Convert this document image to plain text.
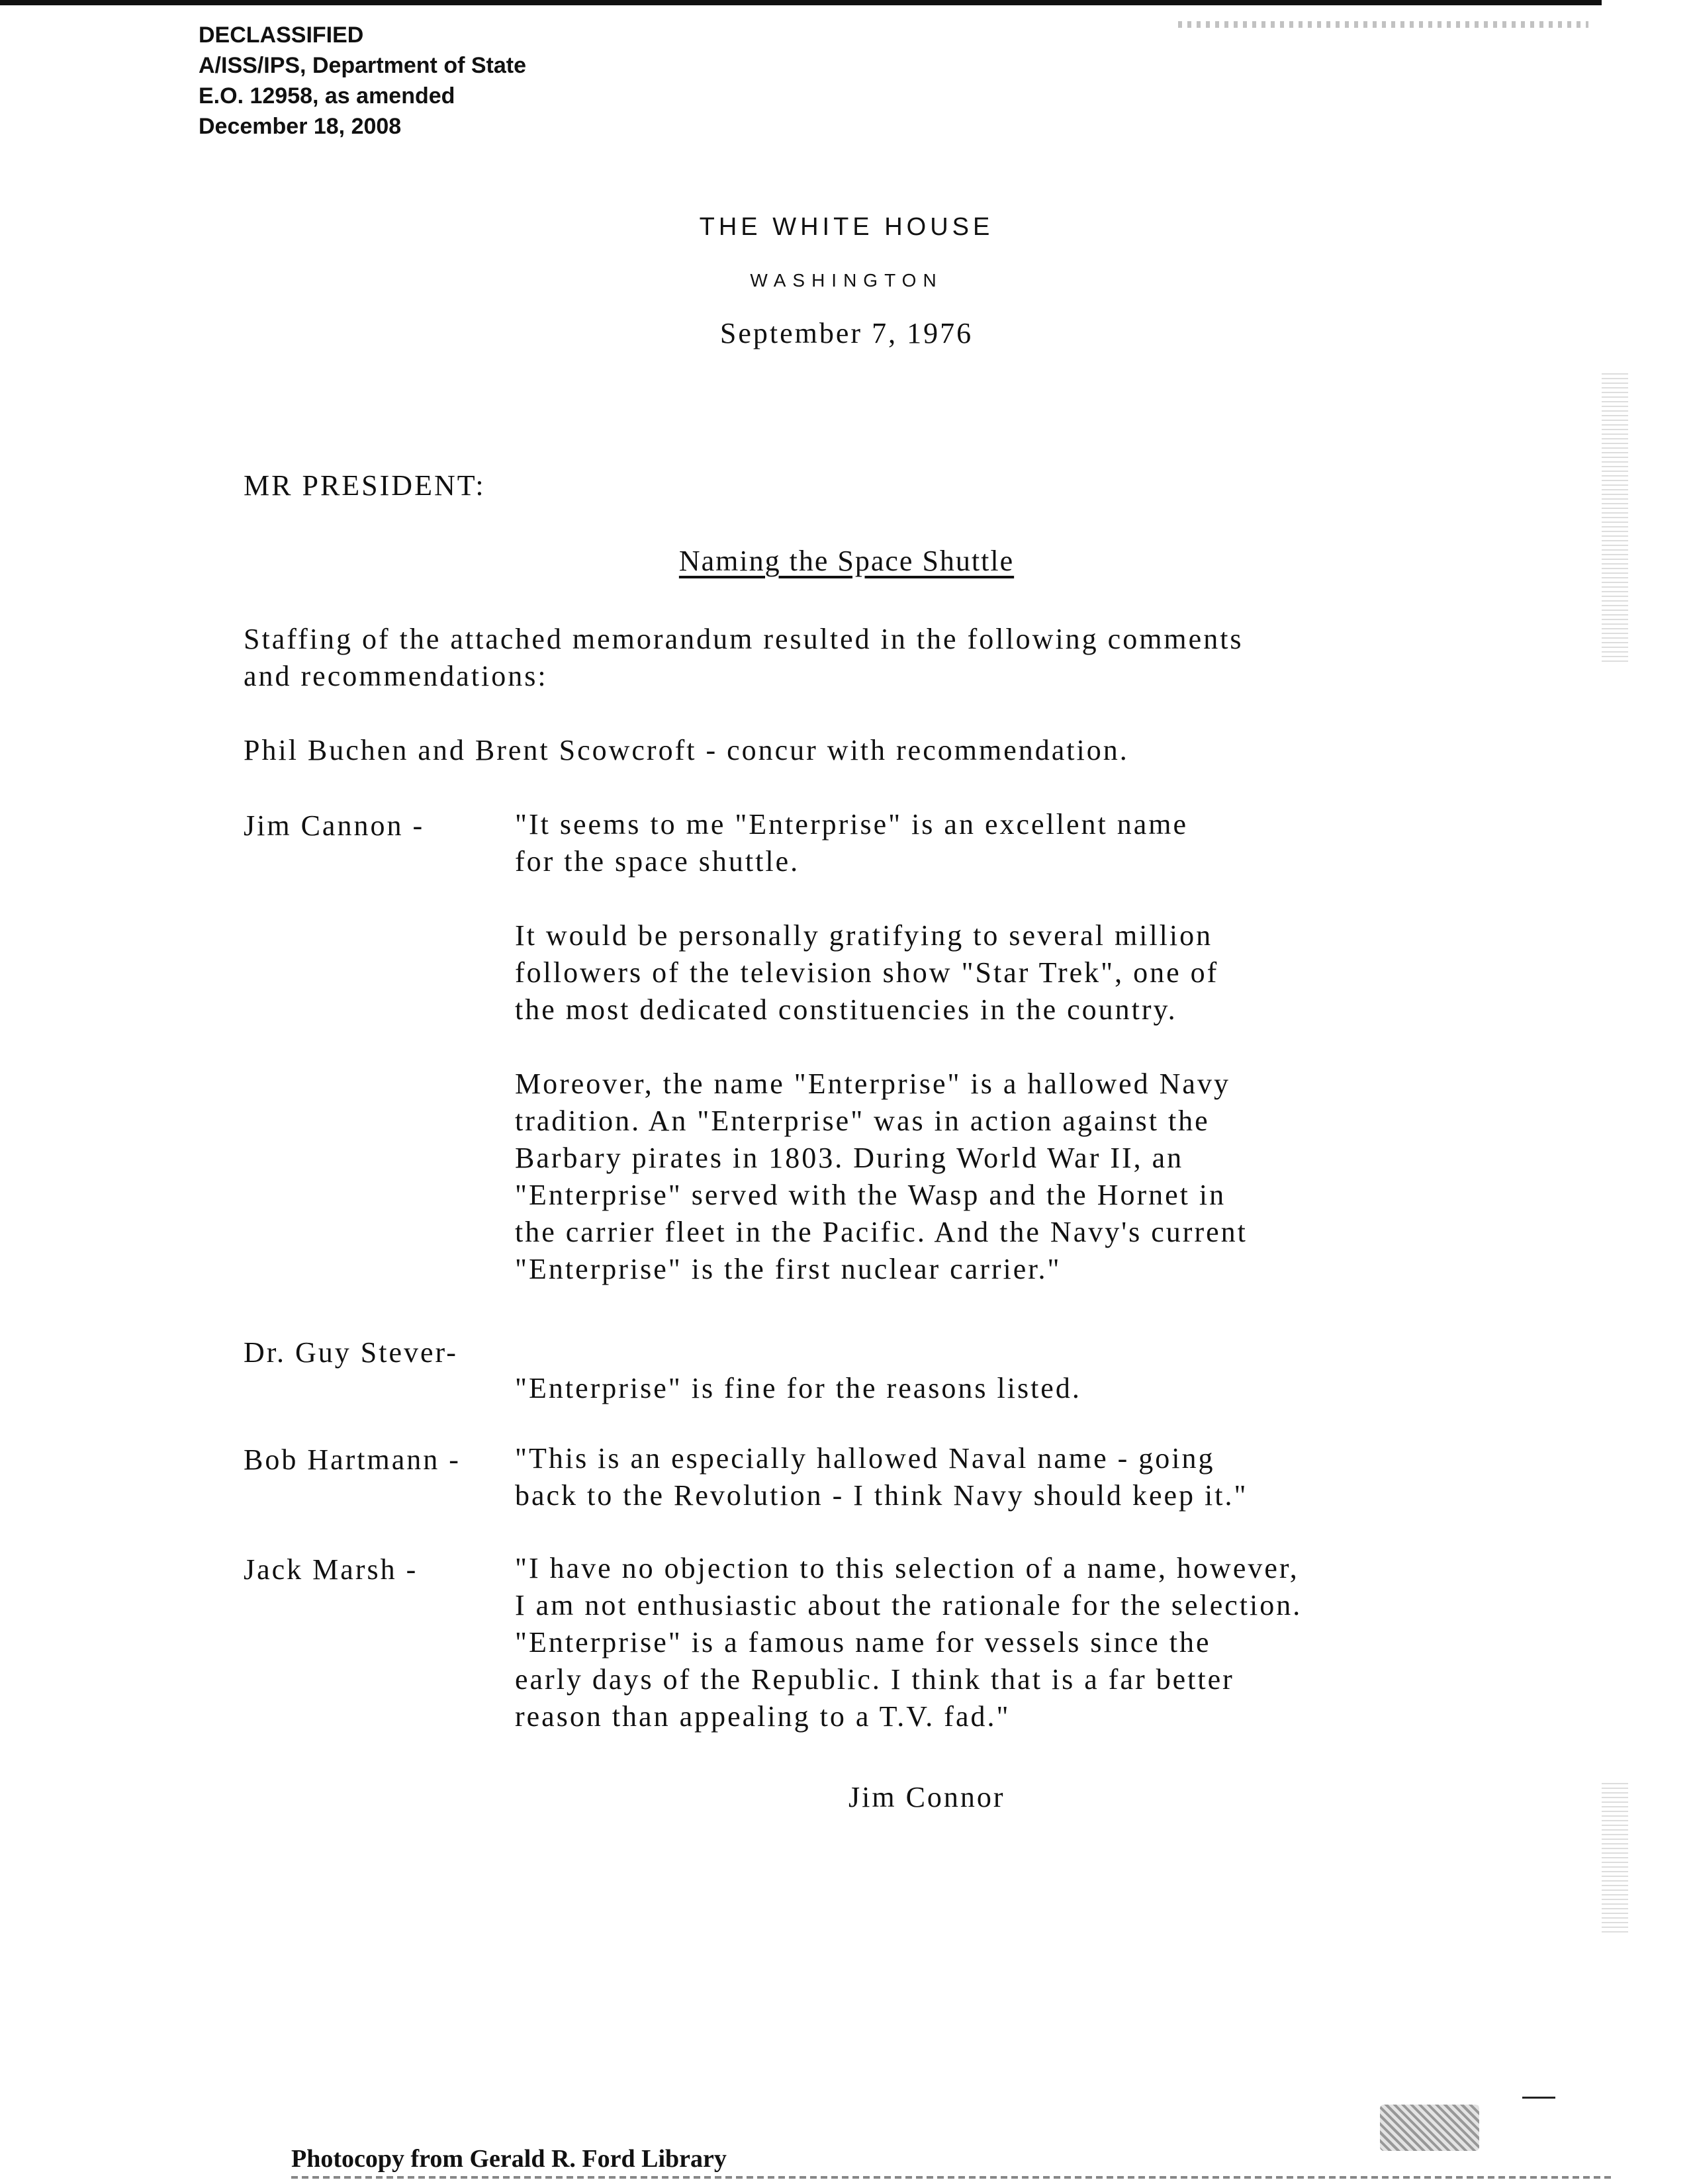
DECLASSIFIED
A/ISS/IPS, Department of State
E.O. 12958, as amended
December 18, 2008
THE WHITE HOUSE
WASHINGTON
September 7, 1976
MR PRESIDENT:
Naming the Space Shuttle
Staffing of the attached memorandum resulted in the following comments
and recommendations:
Phil Buchen and Brent Scowcroft - concur with recommendation.
Jim Cannon -	"It seems to me "Enterprise" is an excellent name
for the space shuttle.
It would be personally gratifying to several million
followers of the television show "Star Trek", one of
the most dedicated constituencies in the country.
Moreover, the name "Enterprise" is a hallowed Navy
tradition. An "Enterprise" was in action against the
Barbary pirates in 1803. During World War II, an
"Enterprise" served with the Wasp and the Hornet in
the carrier fleet in the Pacific. And the Navy's current
"Enterprise" is the first nuclear carrier."
Dr. Guy Stever-
"Enterprise" is fine for the reasons listed.
Bob Hartmann - "This is an especially hallowed Naval name - going
back to the Revolution - I think Navy should keep it."
Jack Marsh -	"I have no objection to this selection of a name, however,
I am not enthusiastic about the rationale for the selection.
"Enterprise" is a famous name for vessels since the
early days of the Republic. I think that is a far better
reason than appealing to a T.V. fad."
Jim Connor
Photocopy from Gerald R. Ford Library
